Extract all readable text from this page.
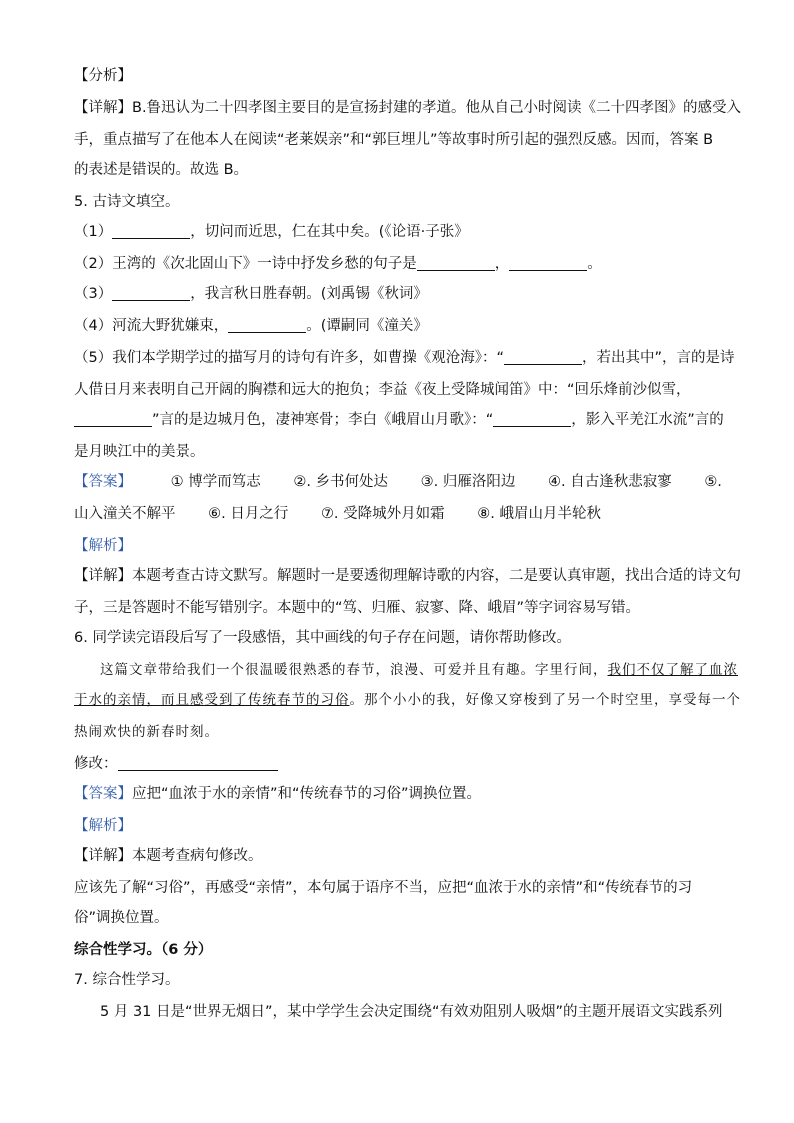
【分析】
【详解】B.鲁迅认为二十四孝图主要目的是宣扬封建的孝道。他从自己小时阅读《二十四孝图》的感受入
手，重点描写了在他本人在阅读“老莱娱亲”和“郭巨埋儿”等故事时所引起的强烈反感。因而，答案 B
的表述是错误的。故选 B。
5. 古诗文填空。
（1）	，切问而近思，仁在其中矣。(《论语·子张》
（2）王湾的《次北固山下》一诗中抒发乡愁的句子是	，	。
（3）	，我言秋日胜春朝。(刘禹锡《秋词》
（4）河流大野犹嫌束，	。(谭嗣同《潼关》
（5）我们本学期学过的描写月的诗句有许多，如曹操《观沧海》：“	，若出其中”，言的是诗
人借日月来表明自己开阔的胸襟和远大的抱负；李益《夜上受降城闻笛》中：“回乐烽前沙似雪，
”言的是边城月色，凄神寒骨；李白《峨眉山月歌》：“	，影入平羌江水流”言的
是月映江中的美景。
【答案】	① 博学而笃志 ②. 乡书何处达 ③. 归雁洛阳边 ④. 自古逢秋悲寂寥 ⑤.
山入潼关不解平 ⑥. 日月之行 ⑦. 受降城外月如霜 ⑧. 峨眉山月半轮秋
【解析】
【详解】本题考查古诗文默写。解题时一是要透彻理解诗歌的内容，二是要认真审题，找出合适的诗文句
子，三是答题时不能写错别字。本题中的“笃、归雁、寂寥、降、峨眉”等字词容易写错。
6. 同学读完语段后写了一段感悟，其中画线的句子存在问题，请你帮助修改。
这篇文章带给我们一个很温暖很熟悉的春节，浪漫、可爱并且有趣。字里行间，我们不仅了解了血浓
于水的亲情，而且感受到了传统春节的习俗。那个小小的我，好像又穿梭到了另一个时空里，享受每一个
热闹欢快的新春时刻。
修改：
【答案】应把“血浓于水的亲情”和“传统春节的习俗”调换位置。
【解析】
【详解】本题考查病句修改。
应该先了解“习俗”，再感受“亲情”，本句属于语序不当，应把“血浓于水的亲情”和“传统春节的习
俗”调换位置。
综合性学习。（6 分）
7. 综合性学习。
5 月 31 日是“世界无烟日”，某中学学生会决定围绕“有效劝阻别人吸烟”的主题开展语文实践系列
